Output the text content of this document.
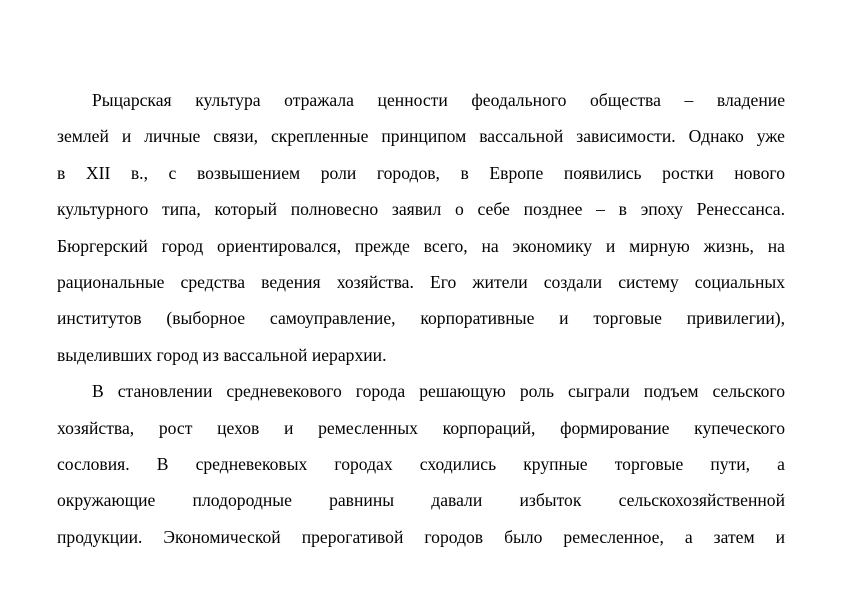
Рыцарская культура отражала ценности феодального общества – владение
землей и личные связи, скрепленные принципом вассальной зависимости. Однако уже
в XII в., с возвышением роли городов, в Европе появились ростки нового
культурного типа, который полновесно заявил о себе позднее – в эпоху Ренессанса.
Бюргерский город ориентировался, прежде всего, на экономику и мирную жизнь, на
рациональные средства ведения хозяйства. Его жители создали систему социальных
институтов (выборное самоуправление, корпоративные и торговые привилегии),
выделивших город из вассальной иерархии.
В становлении средневекового города решающую роль сыграли подъем сельского
хозяйства, рост цехов и ремесленных корпораций, формирование купеческого
сословия. В средневековых городах сходились крупные торговые пути, а
окружающие плодородные равнины давали избыток сельскохозяйственной
продукции. Экономической прерогативой городов было ремесленное, а затем и
